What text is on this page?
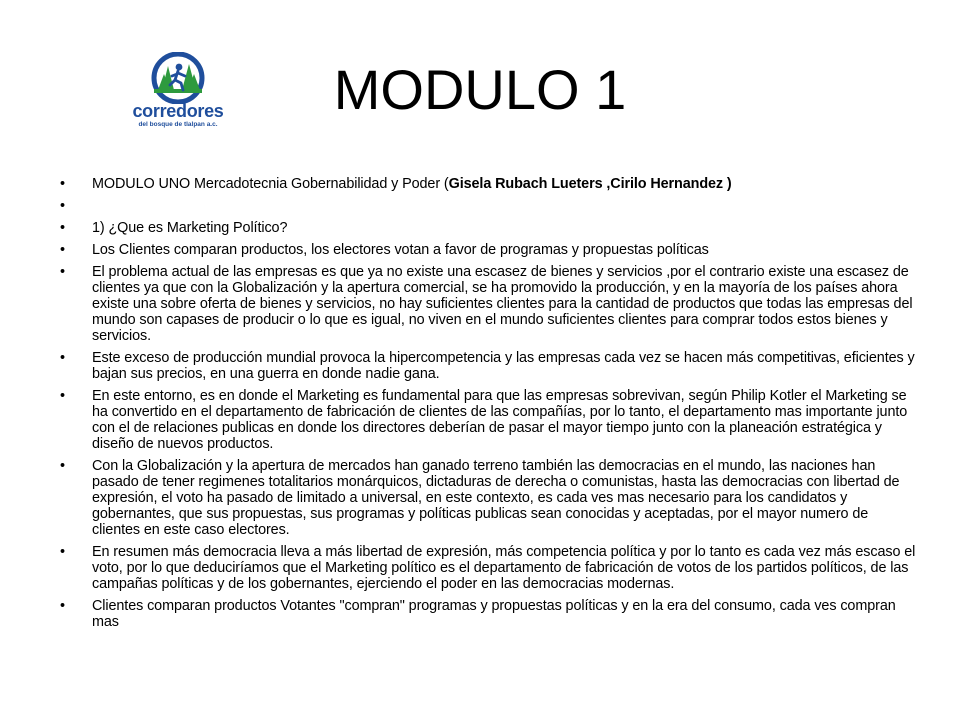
corredores
del bosque de tlalpan a.c.
MODULO 1
• MODULO UNO Mercadotecnia Gobernabilidad y Poder (Gisela Rubach Lueters ,Cirilo Hernandez )
•
• 1) ¿Que es Marketing Político?
• Los Clientes comparan productos, los electores votan a favor de programas y propuestas políticas
• El problema actual de las empresas es que ya no existe una escasez de bienes y servicios ,por el contrario existe una escasez de clientes ya que con la Globalización y la apertura comercial, se ha promovido la producción, y en la mayoría de los países ahora existe una sobre oferta de bienes y servicios, no hay suficientes clientes para la cantidad de productos que todas las empresas del mundo son capases de producir o lo que es igual, no viven en el mundo suficientes clientes para comprar todos estos bienes y servicios.
• Este exceso de producción mundial provoca la hipercompetencia y las empresas cada vez se hacen más competitivas, eficientes y bajan sus precios, en una guerra en donde nadie gana.
• En este entorno, es en donde el Marketing es fundamental para que las empresas sobrevivan, según Philip Kotler el Marketing se ha convertido en el departamento de fabricación de clientes de las compañías, por lo tanto, el departamento mas importante junto con el de relaciones publicas en donde los directores deberían de pasar el mayor tiempo junto con la planeación estratégica y diseño de nuevos productos.
• Con la Globalización y la apertura de mercados han ganado terreno también las democracias en el mundo, las naciones han pasado de tener regimenes totalitarios monárquicos, dictaduras de derecha o comunistas, hasta las democracias con libertad de expresión, el voto ha pasado de limitado a universal, en este contexto, es cada ves mas necesario para los candidatos y gobernantes, que sus propuestas, sus programas y políticas publicas sean conocidas y aceptadas, por el mayor numero de clientes en este caso electores.
• En resumen más democracia lleva a más libertad de expresión, más competencia política y por lo tanto es cada vez más escaso el voto, por lo que deduciríamos que el Marketing político es el departamento de fabricación de votos de los partidos políticos, de las campañas políticas y de los gobernantes, ejerciendo el poder en las democracias modernas.
• Clientes comparan productos Votantes "compran" programas y propuestas políticas y en la era del consumo, cada ves compran mas
